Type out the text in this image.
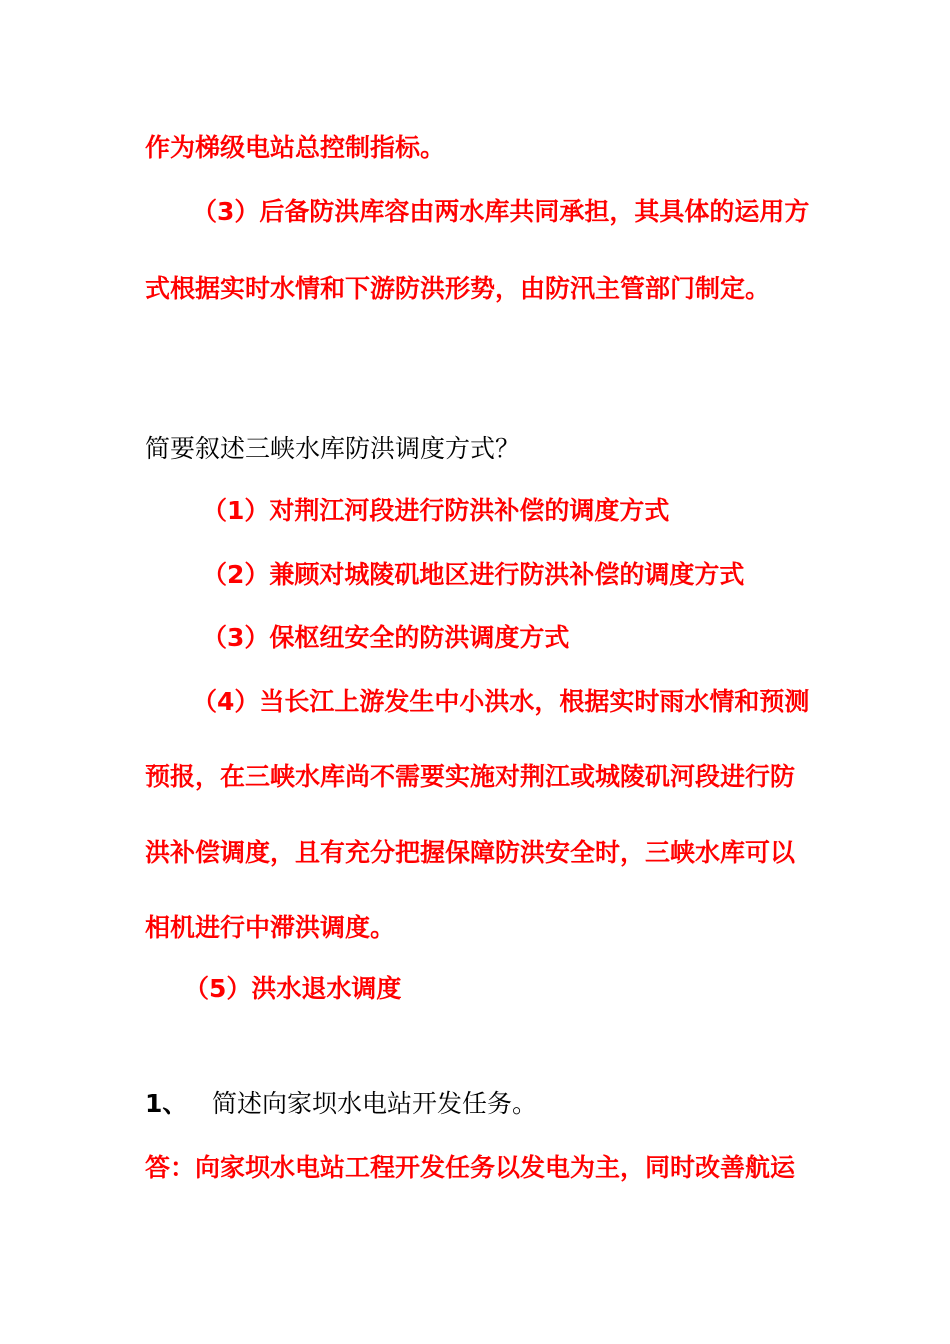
作为梯级电站总控制指标。

（3）后备防洪库容由两水库共同承担，其具体的运用方

式根据实时水情和下游防洪形势，由防汛主管部门制定。

简要叙述三峡水库防洪调度方式？

（1）对荆江河段进行防洪补偿的调度方式

（2）兼顾对城陵矶地区进行防洪补偿的调度方式

（3）保枢纽安全的防洪调度方式

（4）当长江上游发生中小洪水，根据实时雨水情和预测

预报，在三峡水库尚不需要实施对荆江或城陵矶河段进行防

洪补偿调度，且有充分把握保障防洪安全时，三峡水库可以

相机进行中滞洪调度。

（5）洪水退水调度

1、 简述向家坝水电站开发任务。

答：向家坝水电站工程开发任务以发电为主，同时改善航运
